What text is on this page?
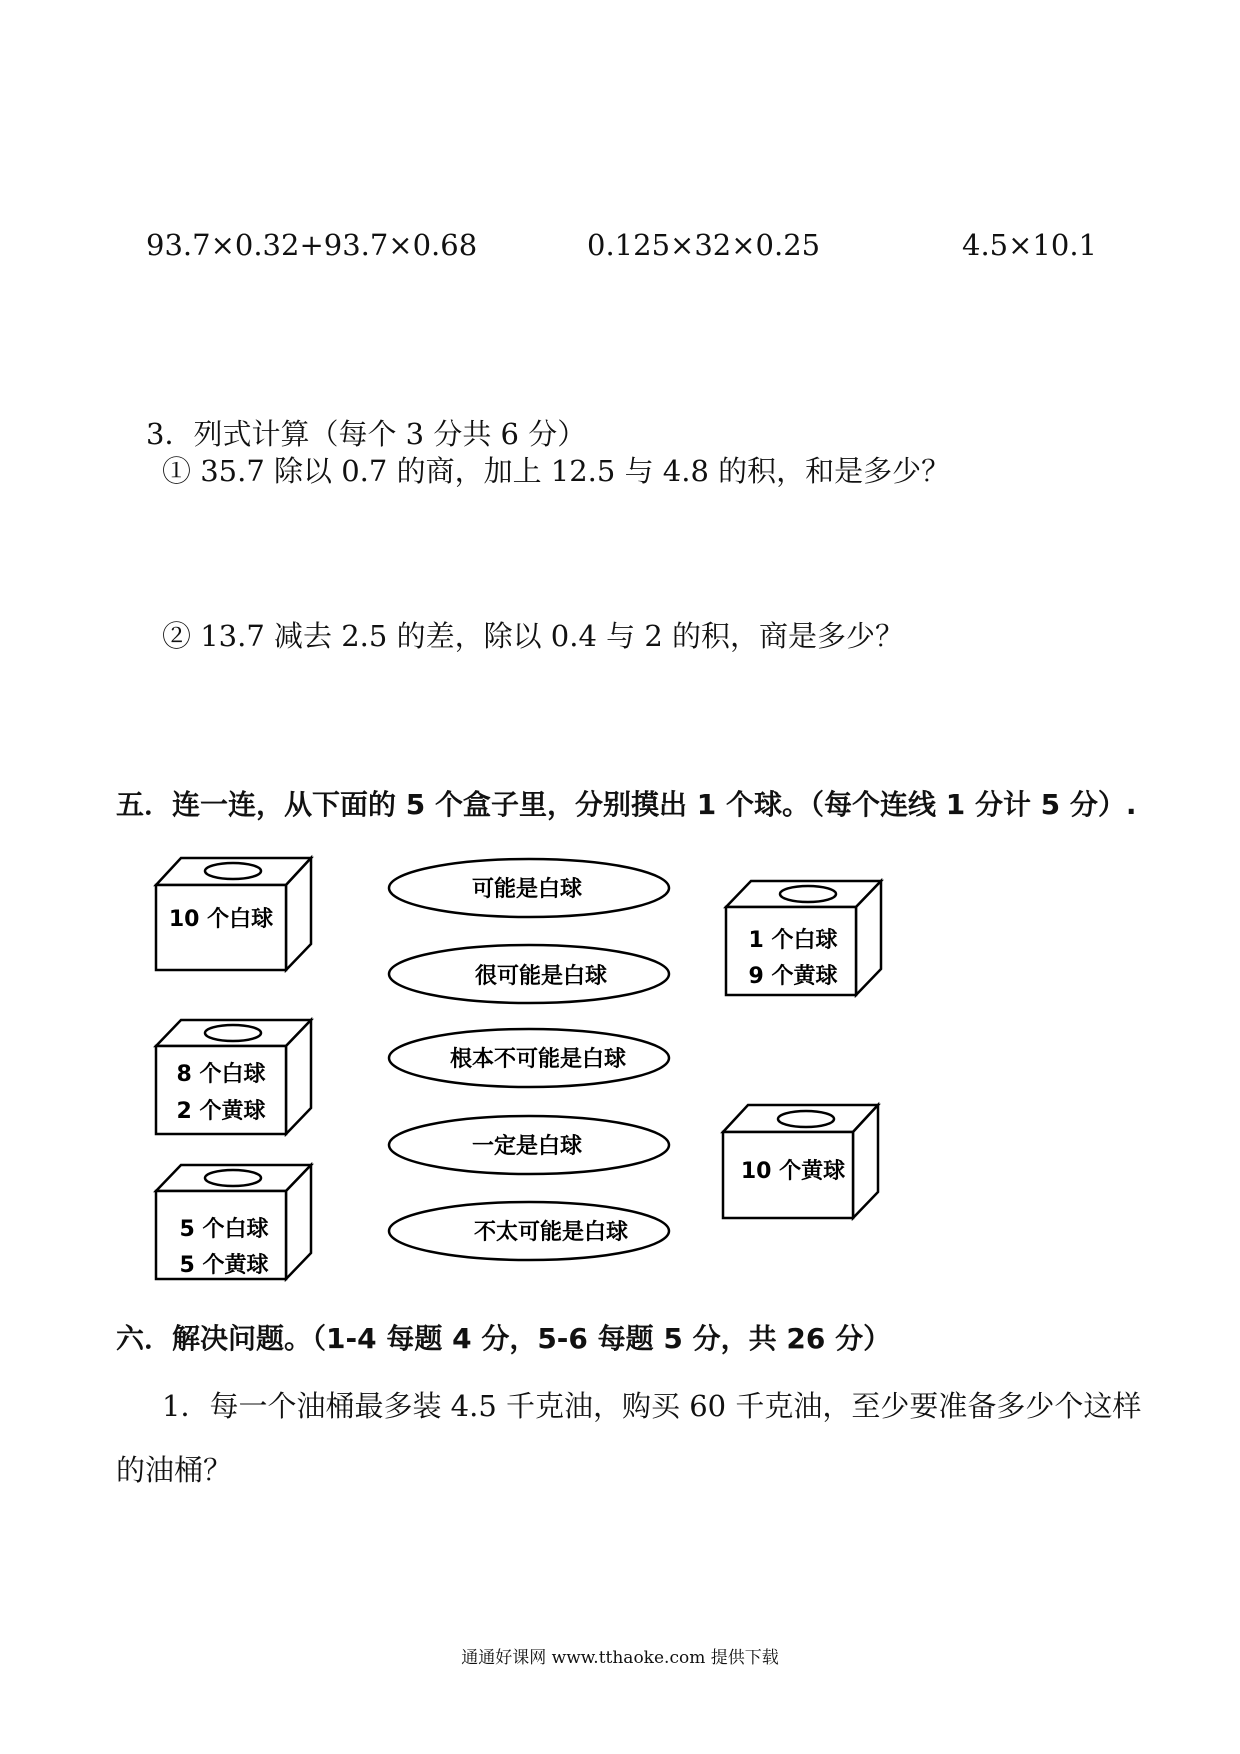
93.7×0.32+93.7×0.68	0.125×32×0.25	4.5×10.1
3．列式计算（每个 3 分共 6 分）
① 35.7 除以 0.7 的商，加上 12.5 与 4.8 的积，和是多少？
② 13.7 减去 2.5 的差，除以 0.4 与 2 的积，商是多少？
五．连一连，从下面的 5 个盒子里，分别摸出 1 个球。（每个连线 1 分计 5 分）.
10 个白球
8 个白球
2 个黄球
5 个白球
5 个黄球
1 个白球
9 个黄球
10 个黄球
可能是白球
很可能是白球
根本不可能是白球
一定是白球
不太可能是白球
六．解决问题。（1-4 每题 4 分，5-6 每题 5 分，共 26 分）
1．每一个油桶最多装 4.5 千克油，购买 60 千克油，至少要准备多少个这样
的油桶？
通通好课网 www.tthaoke.com 提供下载
